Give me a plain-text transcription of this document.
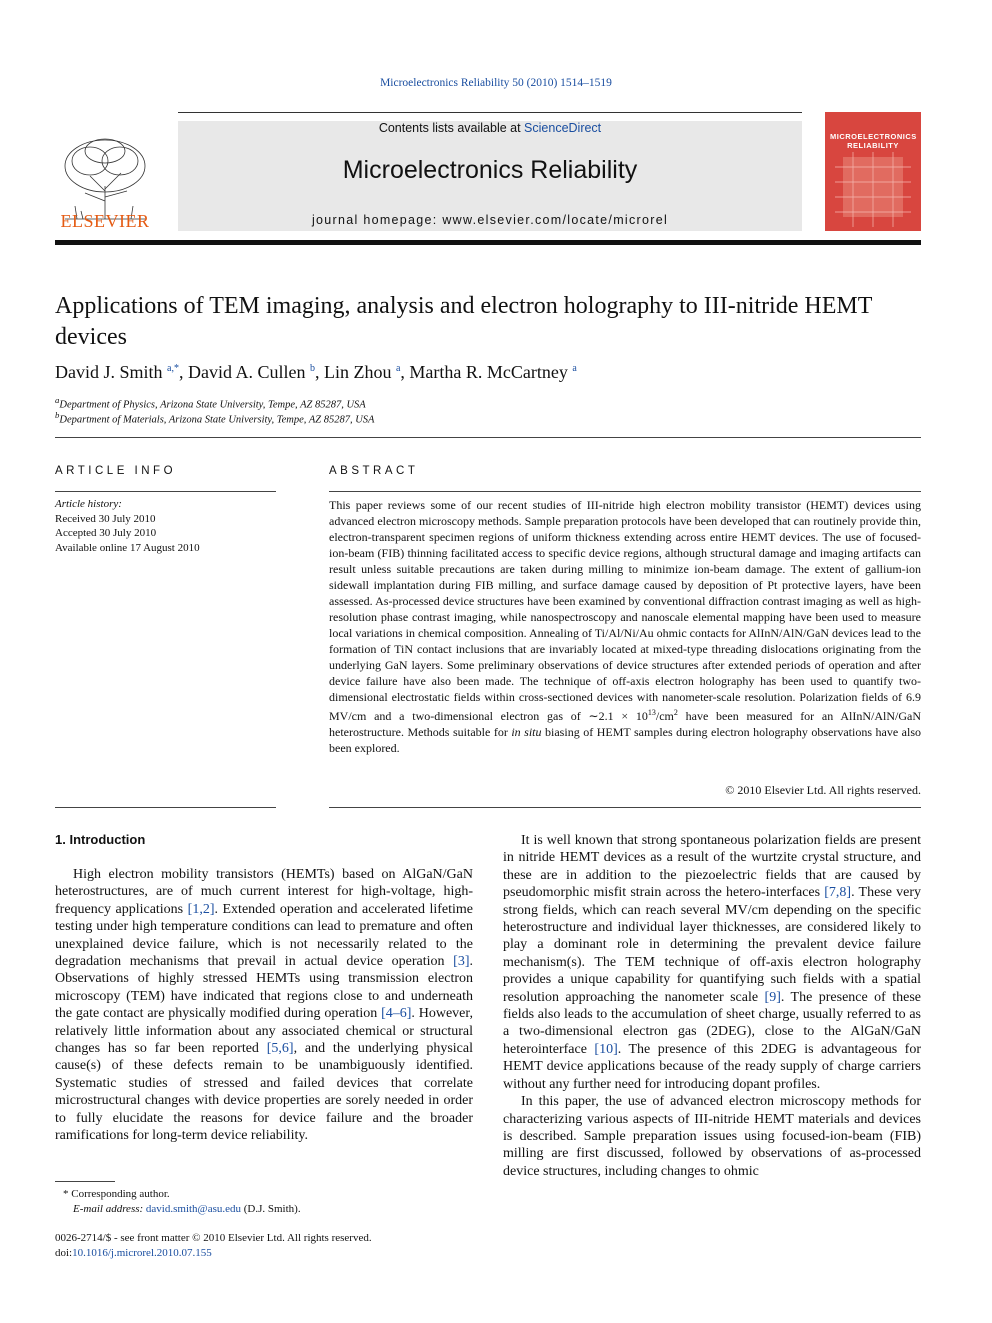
Microelectronics Reliability 50 (2010) 1514–1519
ELSEVIER
Contents lists available at ScienceDirect
Microelectronics Reliability
journal homepage: www.elsevier.com/locate/microrel
MICROELECTRONICS RELIABILITY
Applications of TEM imaging, analysis and electron holography to III-nitride HEMT devices
David J. Smith $^{a,*}$, David A. Cullen $^b$, Lin Zhou $^a$, Martha R. McCartney $^a$
$^a$Department of Physics, Arizona State University, Tempe, AZ 85287, USA
$^b$Department of Materials, Arizona State University, Tempe, AZ 85287, USA
ARTICLE INFO	ABSTRACT
Article history:
Received 30 July 2010
Accepted 30 July 2010
Available online 17 August 2010
This paper reviews some of our recent studies of III-nitride high electron mobility transistor (HEMT) devices using advanced electron microscopy methods. Sample preparation protocols have been developed that can routinely provide thin, electron-transparent specimen regions of uniform thickness extending across entire HEMT devices. The use of focused-ion-beam (FIB) thinning facilitated access to specific device regions, although structural damage and imaging artifacts can result unless suitable precautions are taken during milling to minimize ion-beam damage. The extent of gallium-ion sidewall implantation during FIB milling, and surface damage caused by deposition of Pt protective layers, have been assessed. As-processed device structures have been examined by conventional diffraction contrast imaging as well as high-resolution phase contrast imaging, while nanospectroscopy and nanoscale elemental mapping have been used to measure local variations in chemical composition. Annealing of Ti/Al/Ni/Au ohmic contacts for AlInN/AlN/GaN devices lead to the formation of TiN contact inclusions that are invariably located at mixed-type threading dislocations originating from the underlying GaN layers. Some preliminary observations of device structures after extended periods of operation and after device failure have also been made. The technique of off-axis electron holography has been used to quantify two-dimensional electrostatic fields within cross-sectioned devices with nanometer-scale resolution. Polarization fields of 6.9 MV/cm and a two-dimensional electron gas of ∼2.1 × $10^{13}/cm^2$ have been measured for an AlInN/AlN/GaN heterostructure. Methods suitable for in situ biasing of HEMT samples during electron holography observations have also been explored.
© 2010 Elsevier Ltd. All rights reserved.
1. Introduction

High electron mobility transistors (HEMTs) based on AlGaN/GaN heterostructures, are of much current interest for high-voltage, high-frequency applications [1,2]. Extended operation and accelerated lifetime testing under high temperature conditions can lead to premature and often unexplained device failure, which is not necessarily related to the degradation mechanisms that prevail in actual device operation [3]. Observations of highly stressed HEMTs using transmission electron microscopy (TEM) have indicated that regions close to and underneath the gate contact are physically modified during operation [4–6]. However, relatively little information about any associated chemical or structural changes has so far been reported [5,6], and the underlying physical cause(s) of these defects remain to be unambiguously identified. Systematic studies of stressed and failed devices that correlate microstructural changes with device properties are sorely needed in order to fully elucidate the reasons for device failure and the broader ramifications for long-term device reliability.

It is well known that strong spontaneous polarization fields are present in nitride HEMT devices as a result of the wurtzite crystal structure, and these are in addition to the piezoelectric fields that are caused by pseudomorphic misfit strain across the hetero-interfaces [7,8]. These very strong fields, which can reach several MV/cm depending on the specific heterostructure and individual layer thicknesses, are considered likely to play a dominant role in determining the prevalent device failure mechanism(s). The TEM technique of off-axis electron holography provides a unique capability for quantifying such fields with a spatial resolution approaching the nanometer scale [9]. The presence of these fields also leads to the accumulation of sheet charge, usually referred to as a two-dimensional electron gas (2DEG), close to the AlGaN/GaN heterointerface [10]. The presence of this 2DEG is advantageous for HEMT device applications because of the ready supply of charge carriers without any further need for introducing dopant profiles.

In this paper, the use of advanced electron microscopy methods for characterizing various aspects of III-nitride HEMT materials and devices is described. Sample preparation issues using focused-ion-beam (FIB) milling are first discussed, followed by observations of as-processed device structures, including changes to ohmic

* Corresponding author.
E-mail address: david.smith@asu.edu (D.J. Smith).
0026-2714/$ - see front matter © 2010 Elsevier Ltd. All rights reserved.
doi:10.1016/j.microrel.2010.07.155
